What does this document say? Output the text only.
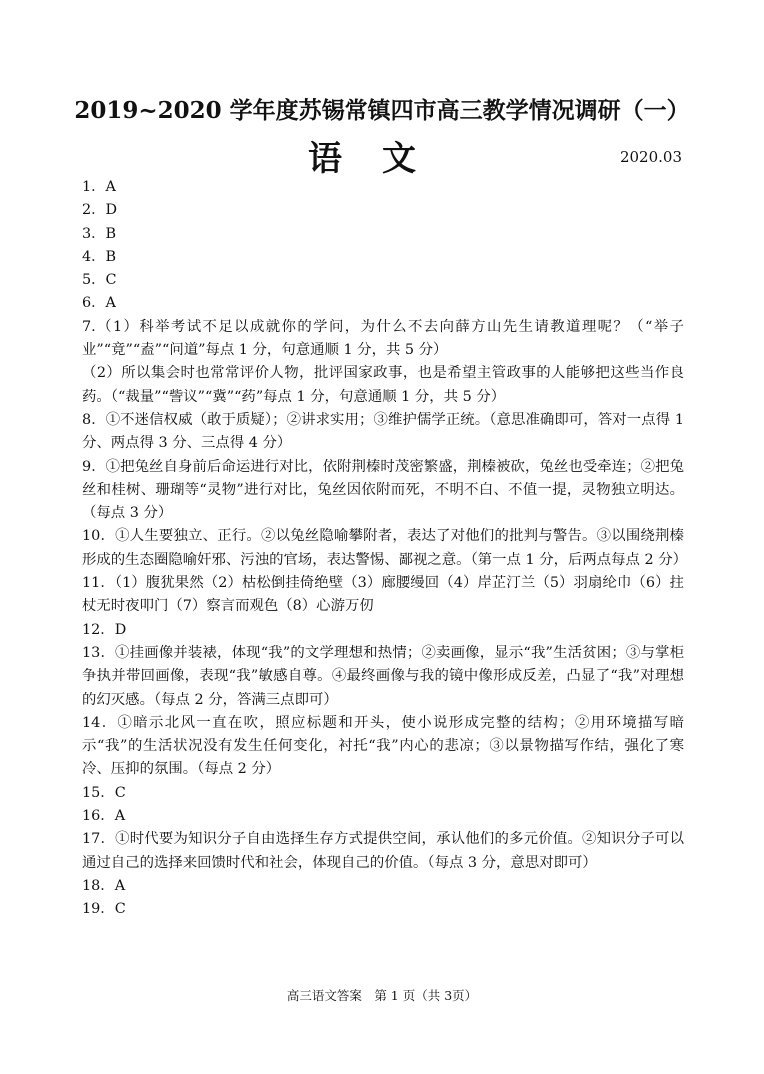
2019~2020 学年度苏锡常镇四市高三教学情况调研（一）
语文	2020.03

1．A

2．D

3．B

4．B

5．C

6．A

7.（1）科举考试不足以成就你的学问，为什么不去向薛方山先生请教道理呢？（“举子业”“竟”“盍”“问道”每点 1 分，句意通顺 1 分，共 5 分）

（2）所以集会时也常常评价人物，批评国家政事，也是希望主管政事的人能够把这些当作良药。（“裁量”“訾议”“冀”“药”每点 1 分，句意通顺 1 分，共 5 分）

8．①不迷信权威（敢于质疑）；②讲求实用；③维护儒学正统。（意思准确即可，答对一点得 1 分、两点得 3 分、三点得 4 分）

9．①把兔丝自身前后命运进行对比，依附荆榛时茂密繁盛，荆榛被砍，兔丝也受牵连；②把兔丝和桂树、珊瑚等“灵物”进行对比，兔丝因依附而死，不明不白、不值一提，灵物独立明达。（每点 3 分）

10．①人生要独立、正行。②以兔丝隐喻攀附者，表达了对他们的批判与警告。③以围绕荆榛形成的生态圈隐喻奸邪、污浊的官场，表达警惕、鄙视之意。（第一点 1 分，后两点每点 2 分）

11．（1）腹犹果然（2）枯松倒挂倚绝壁（3）廊腰缦回（4）岸芷汀兰（5）羽扇纶巾（6）拄杖无时夜叩门（7）察言而观色（8）心游万仞

12．D

13．①挂画像并装裱，体现“我”的文学理想和热情；②卖画像，显示“我”生活贫困；③与掌柜争执并带回画像，表现“我”敏感自尊。④最终画像与我的镜中像形成反差，凸显了“我”对理想的幻灭感。（每点 2 分，答满三点即可）

14．①暗示北风一直在吹，照应标题和开头，使小说形成完整的结构；②用环境描写暗示“我”的生活状况没有发生任何变化，衬托“我”内心的悲凉；③以景物描写作结，强化了寒冷、压抑的氛围。（每点 2 分）

15．C

16．A

17．①时代要为知识分子自由选择生存方式提供空间，承认他们的多元价值。②知识分子可以通过自己的选择来回馈时代和社会，体现自己的价值。（每点 3 分，意思对即可）

18．A

19．C

高三语文答案　第 1 页（共 3页）
